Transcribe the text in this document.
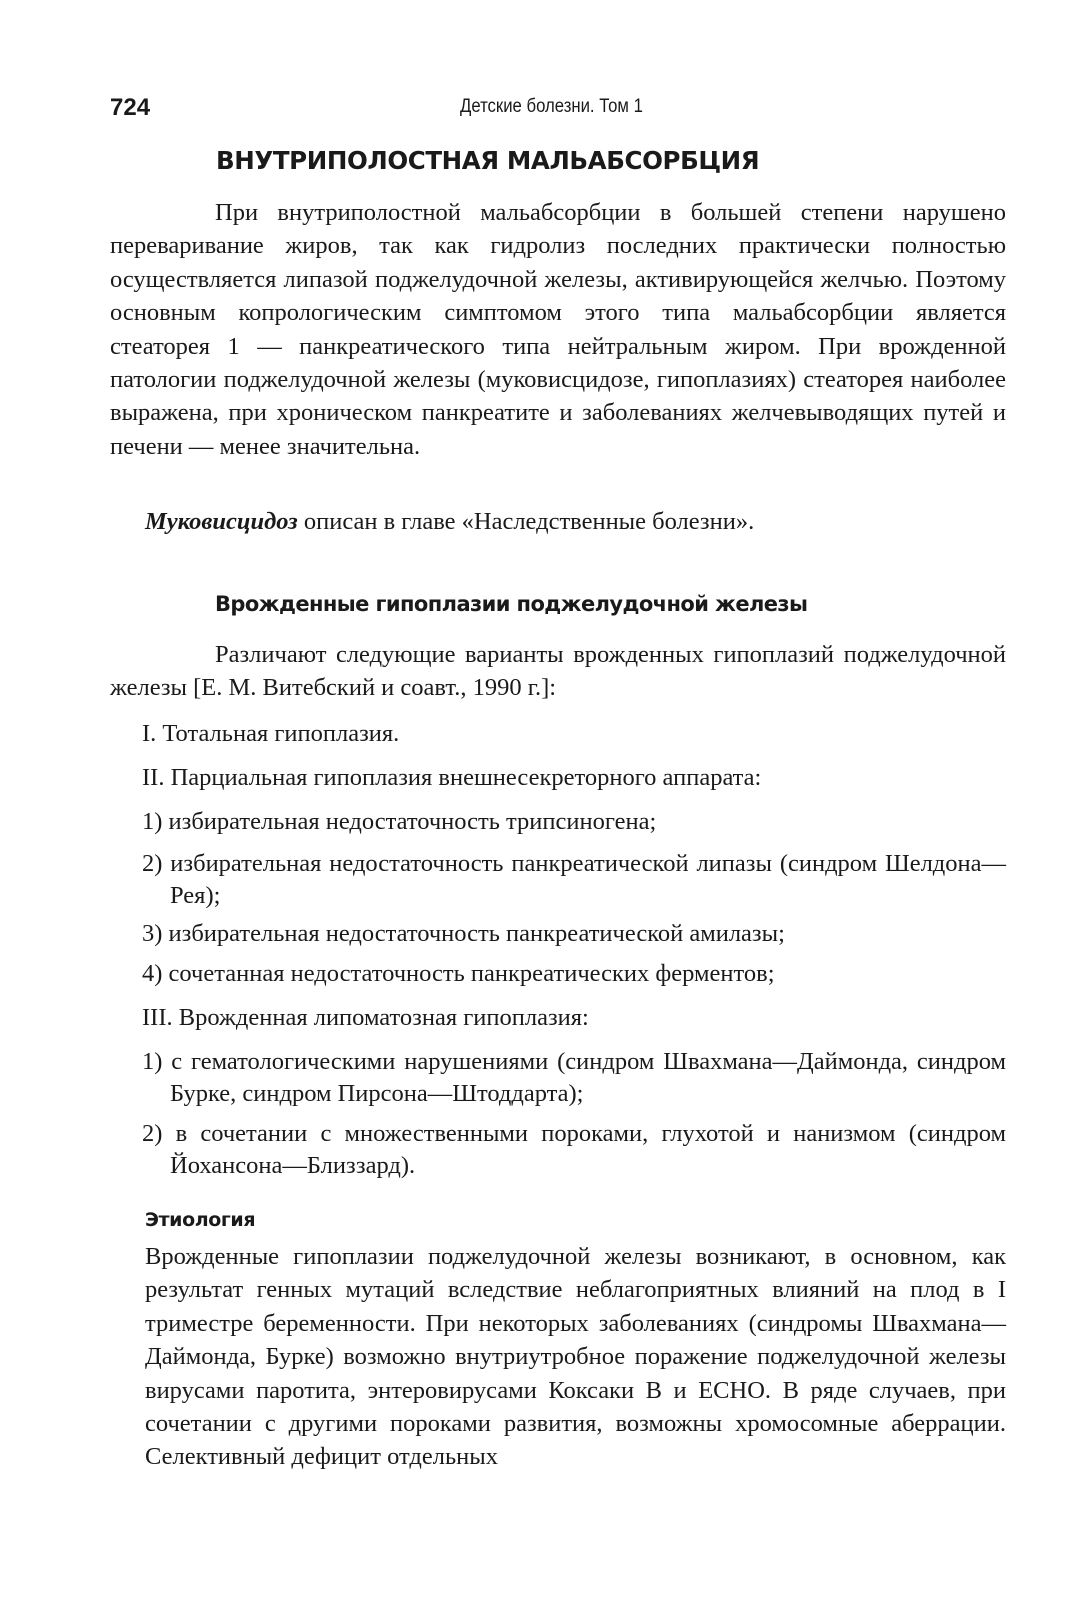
724	Детские болезни. Том 1
ВНУТРИПОЛОСТНАЯ МАЛЬАБСОРБЦИЯ

При внутриполостной мальабсорбции в большей степени нарушено переваривание жиров, так как гидролиз последних практически полностью осуществляется липазой поджелудочной железы, активирующейся желчью. Поэтому основным копрологическим симптомом этого типа мальабсорбции является стеаторея 1 — панкреатического типа нейтральным жиром. При врожденной патологии поджелудочной железы (муковисцидозе, гипоплазиях) стеаторея наиболее выражена, при хроническом панкреатите и заболеваниях желчевыводящих путей и печени — менее значительна.

Муковисцидоз описан в главе «Наследственные болезни».
Врожденные гипоплазии поджелудочной железы

Различают следующие варианты врожденных гипоплазий поджелудочной железы [Е. М. Витебский и соавт., 1990 г.]:

I. Тотальная гипоплазия.
II. Парциальная гипоплазия внешнесекреторного аппарата:
1) избирательная недостаточность трипсиногена;
2) избирательная недостаточность панкреатической липазы (синдром Шелдона—Рея);
3) избирательная недостаточность панкреатической амилазы;
4) сочетанная недостаточность панкреатических ферментов;
III. Врожденная липоматозная гипоплазия:
1) с гематологическими нарушениями (синдром Швахмана—Даймонда, синдром Бурке, синдром Пирсона—Штоддарта);
2) в сочетании с множественными пороками, глухотой и нанизмом (синдром Йохансона—Близзард).
Этиология

Врожденные гипоплазии поджелудочной железы возникают, в основном, как результат генных мутаций вследствие неблагоприятных влияний на плод в I триместре беременности. При некоторых заболеваниях (синдромы Швахмана—Даймонда, Бурке) возможно внутриутробное поражение поджелудочной железы вирусами паротита, энтеровирусами Коксаки В и ЕСНО. В ряде случаев, при сочетании с другими пороками развития, возможны хромосомные аберрации. Селективный дефицит отдельных
